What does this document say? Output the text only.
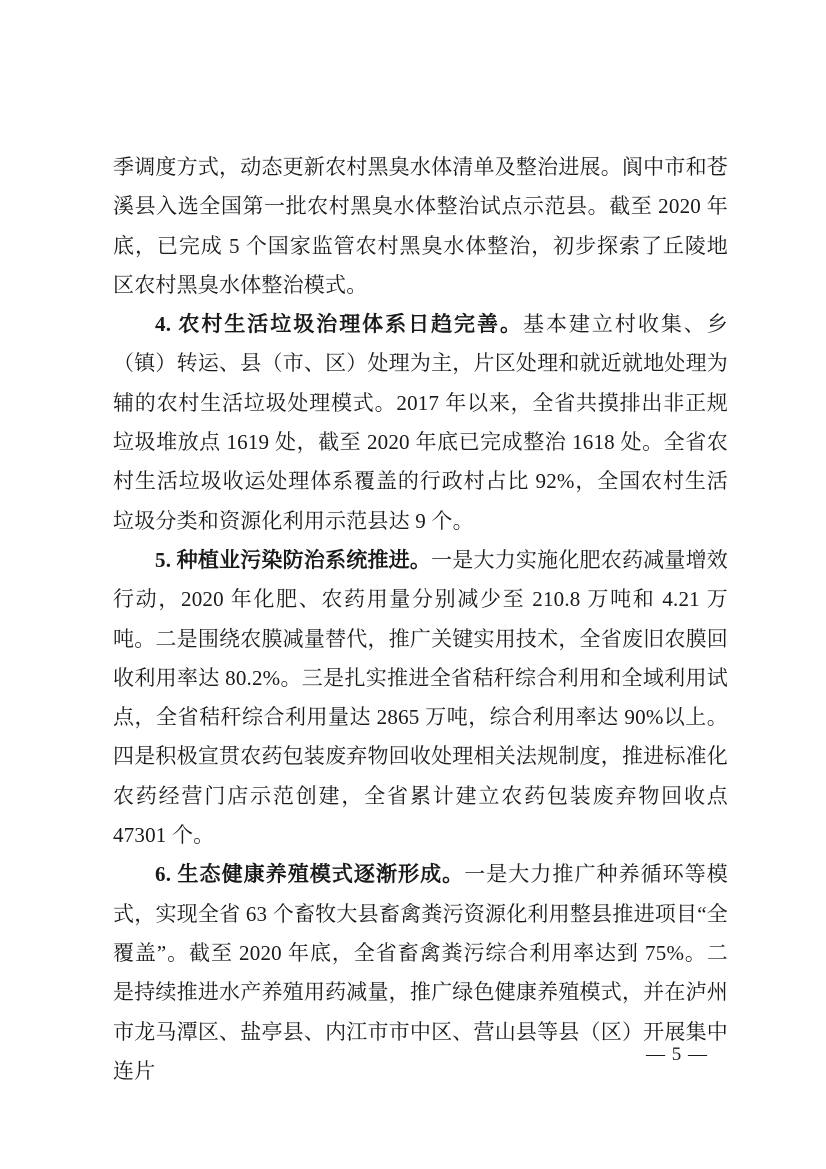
季调度方式，动态更新农村黑臭水体清单及整治进展。阆中市和苍溪县入选全国第一批农村黑臭水体整治试点示范县。截至 2020 年底，已完成 5 个国家监管农村黑臭水体整治，初步探索了丘陵地区农村黑臭水体整治模式。

4. 农村生活垃圾治理体系日趋完善。基本建立村收集、乡（镇）转运、县（市、区）处理为主，片区处理和就近就地处理为辅的农村生活垃圾处理模式。2017 年以来，全省共摸排出非正规垃圾堆放点 1619 处，截至 2020 年底已完成整治 1618 处。全省农村生活垃圾收运处理体系覆盖的行政村占比 92%，全国农村生活垃圾分类和资源化利用示范县达 9 个。

5. 种植业污染防治系统推进。一是大力实施化肥农药减量增效行动，2020 年化肥、农药用量分别减少至 210.8 万吨和 4.21 万吨。二是围绕农膜减量替代，推广关键实用技术，全省废旧农膜回收利用率达 80.2%。三是扎实推进全省秸秆综合利用和全域利用试点，全省秸秆综合利用量达 2865 万吨，综合利用率达 90%以上。四是积极宣贯农药包装废弃物回收处理相关法规制度，推进标准化农药经营门店示范创建，全省累计建立农药包装废弃物回收点 47301 个。

6. 生态健康养殖模式逐渐形成。一是大力推广种养循环等模式，实现全省 63 个畜牧大县畜禽粪污资源化利用整县推进项目“全覆盖”。截至 2020 年底，全省畜禽粪污综合利用率达到 75%。二是持续推进水产养殖用药减量，推广绿色健康养殖模式，并在泸州市龙马潭区、盐亭县、内江市市中区、营山县等县（区）开展集中连片

— 5 —
